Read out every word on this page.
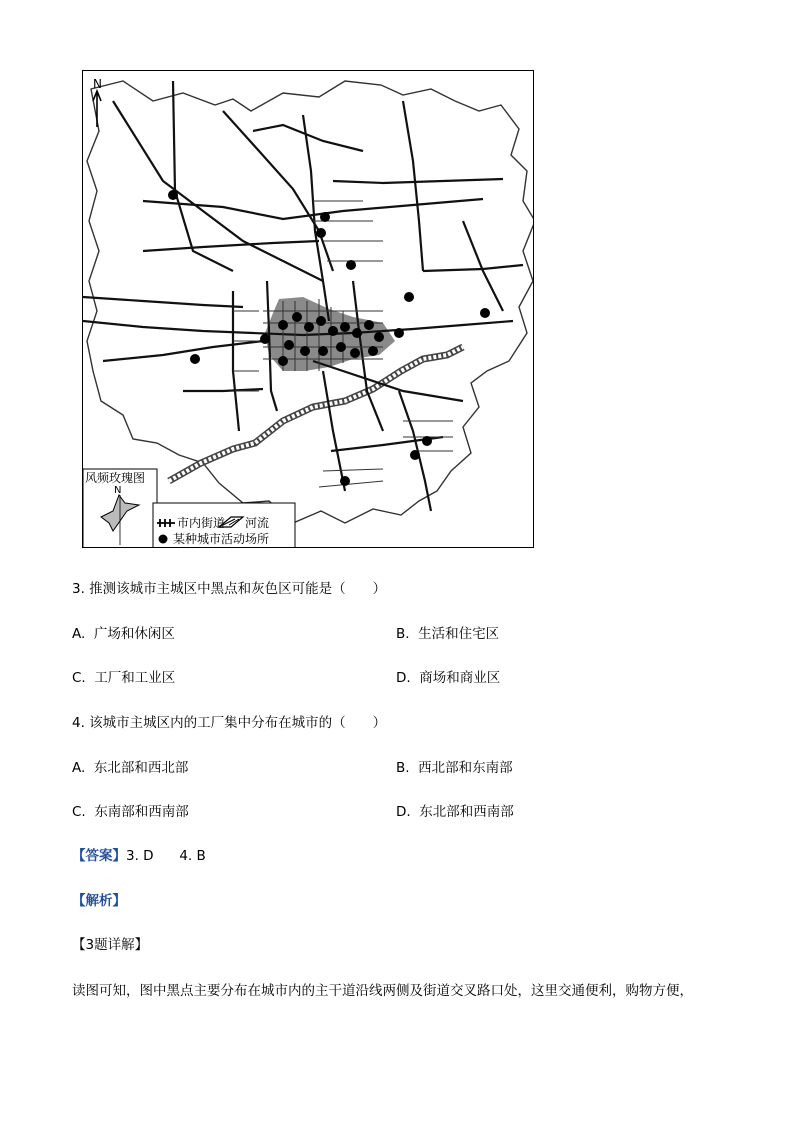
N
风频玫瑰图
N
市内街道 河流
某种城市活动场所
3. 推测该城市主城区中黑点和灰色区可能是（　　）
A. 广场和休闲区	B. 生活和住宅区
C. 工厂和工业区	D. 商场和商业区
4. 该城市主城区内的工厂集中分布在城市的（　　）
A. 东北部和西北部	B. 西北部和东南部
C. 东南部和西南部	D. 东北部和西南部
【答案】3. D 4. B
【解析】
【3题详解】
读图可知，图中黑点主要分布在城市内的主干道沿线两侧及街道交叉路口处，这里交通便利，购物方便，
